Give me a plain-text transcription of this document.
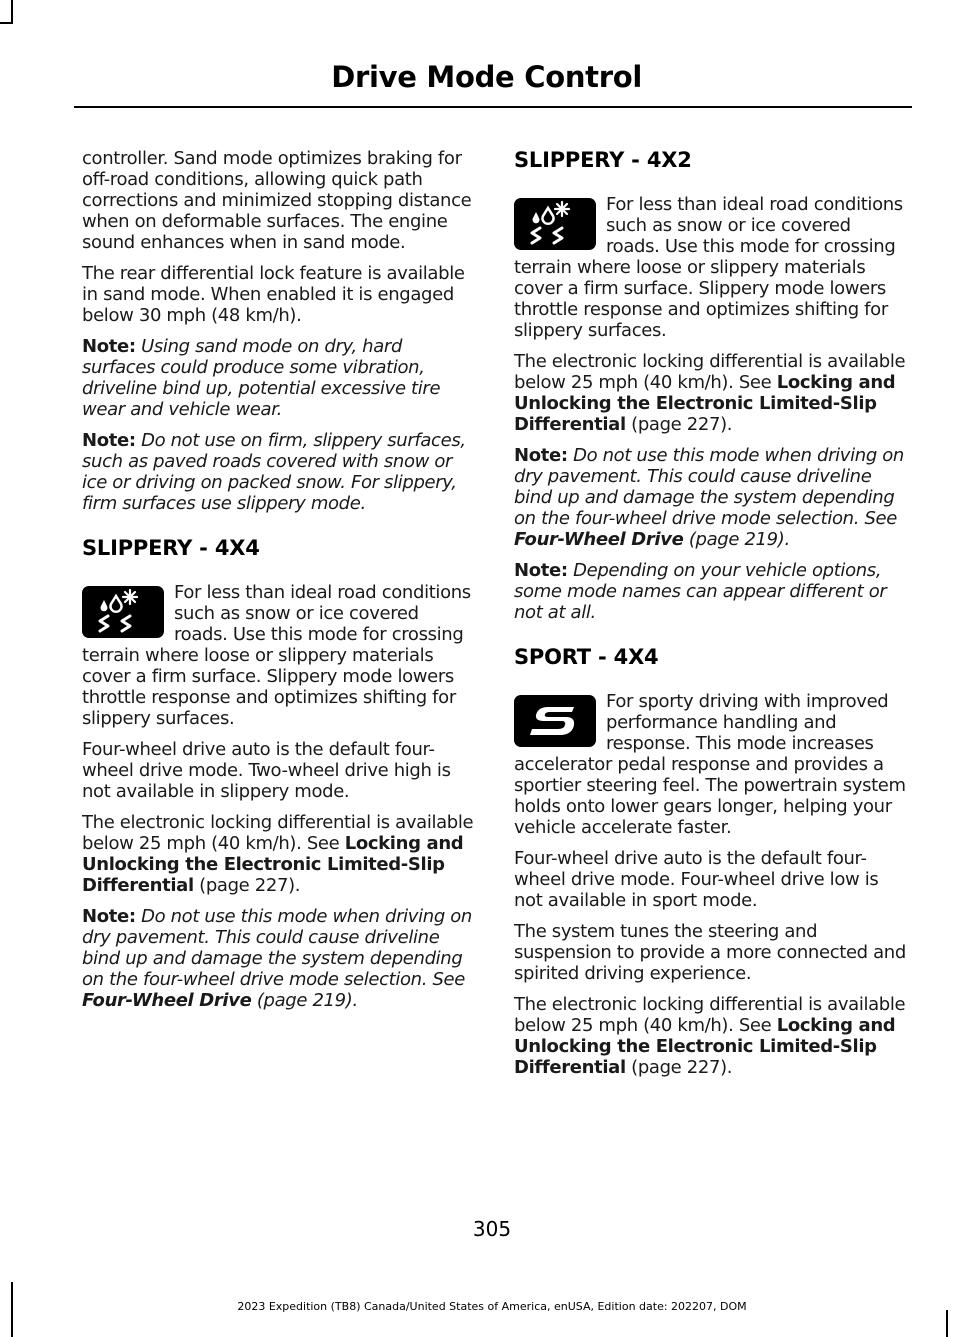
Drive Mode Control

controller. Sand mode optimizes braking for off-road conditions, allowing quick path corrections and minimized stopping distance when on deformable surfaces. The engine sound enhances when in sand mode.

The rear differential lock feature is available in sand mode. When enabled it is engaged below 30 mph (48 km/h).

Note: Using sand mode on dry, hard surfaces could produce some vibration, driveline bind up, potential excessive tire wear and vehicle wear.

Note: Do not use on firm, slippery surfaces, such as paved roads covered with snow or ice or driving on packed snow. For slippery, firm surfaces use slippery mode.

SLIPPERY - 4X4

For less than ideal road conditions such as snow or ice covered roads. Use this mode for crossing terrain where loose or slippery materials cover a firm surface. Slippery mode lowers throttle response and optimizes shifting for slippery surfaces.

Four-wheel drive auto is the default four-wheel drive mode. Two-wheel drive high is not available in slippery mode.

The electronic locking differential is available below 25 mph (40 km/h). See Locking and Unlocking the Electronic Limited-Slip Differential (page 227).

Note: Do not use this mode when driving on dry pavement. This could cause driveline bind up and damage the system depending on the four-wheel drive mode selection. See Four-Wheel Drive (page 219).

SLIPPERY - 4X2

For less than ideal road conditions such as snow or ice covered roads. Use this mode for crossing terrain where loose or slippery materials cover a firm surface. Slippery mode lowers throttle response and optimizes shifting for slippery surfaces.

The electronic locking differential is available below 25 mph (40 km/h). See Locking and Unlocking the Electronic Limited-Slip Differential (page 227).

Note: Do not use this mode when driving on dry pavement. This could cause driveline bind up and damage the system depending on the four-wheel drive mode selection. See Four-Wheel Drive (page 219).

Note: Depending on your vehicle options, some mode names can appear different or not at all.

SPORT - 4X4

For sporty driving with improved performance handling and response. This mode increases accelerator pedal response and provides a sportier steering feel. The powertrain system holds onto lower gears longer, helping your vehicle accelerate faster.

Four-wheel drive auto is the default four-wheel drive mode. Four-wheel drive low is not available in sport mode.

The system tunes the steering and suspension to provide a more connected and spirited driving experience.

The electronic locking differential is available below 25 mph (40 km/h). See Locking and Unlocking the Electronic Limited-Slip Differential (page 227).

305
2023 Expedition (TB8) Canada/United States of America, enUSA, Edition date: 202207, DOM
